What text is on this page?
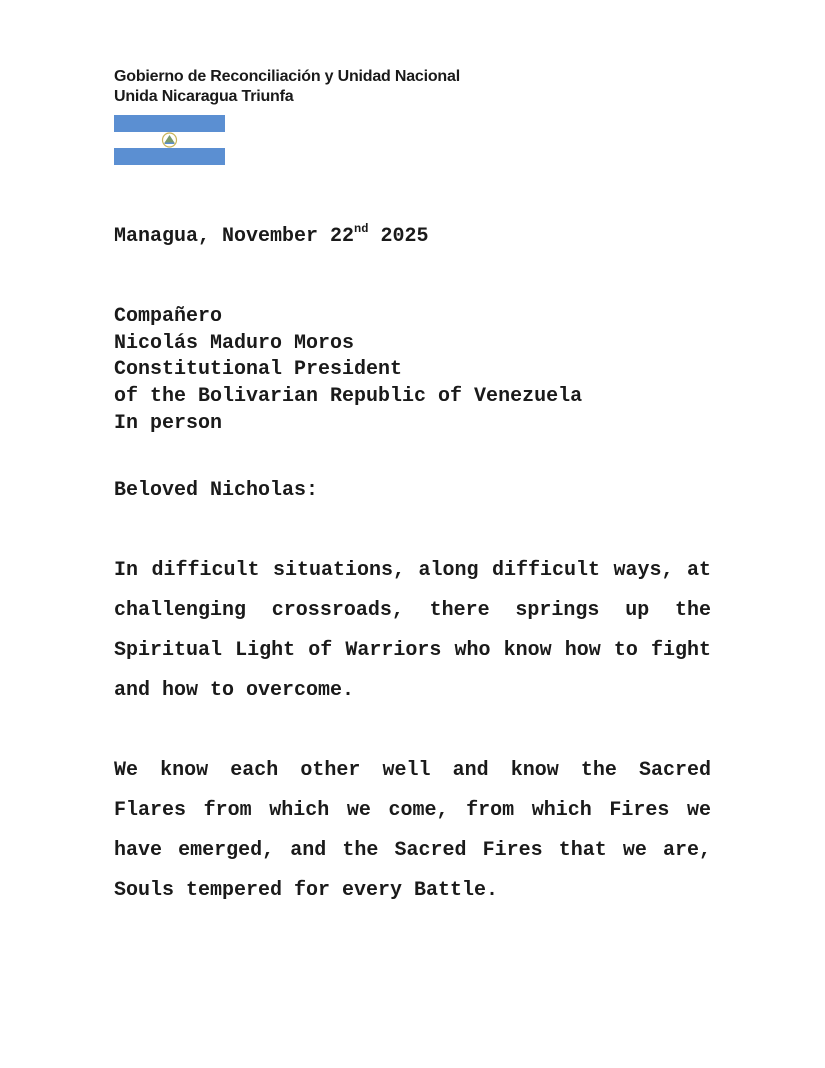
Gobierno de Reconciliación y Unidad Nacional
Unida Nicaragua Triunfa
Managua, November 22nd 2025
Compañero
Nicolás Maduro Moros
Constitutional President
of the Bolivarian Republic of Venezuela
In person
Beloved Nicholas:
In difficult situations, along difficult ways, at challenging crossroads, there springs up the Spiritual Light of Warriors who know how to fight and how to overcome.
We know each other well and know the Sacred Flares from which we come, from which Fires we have emerged, and the Sacred Fires that we are, Souls tempered for every Battle.
